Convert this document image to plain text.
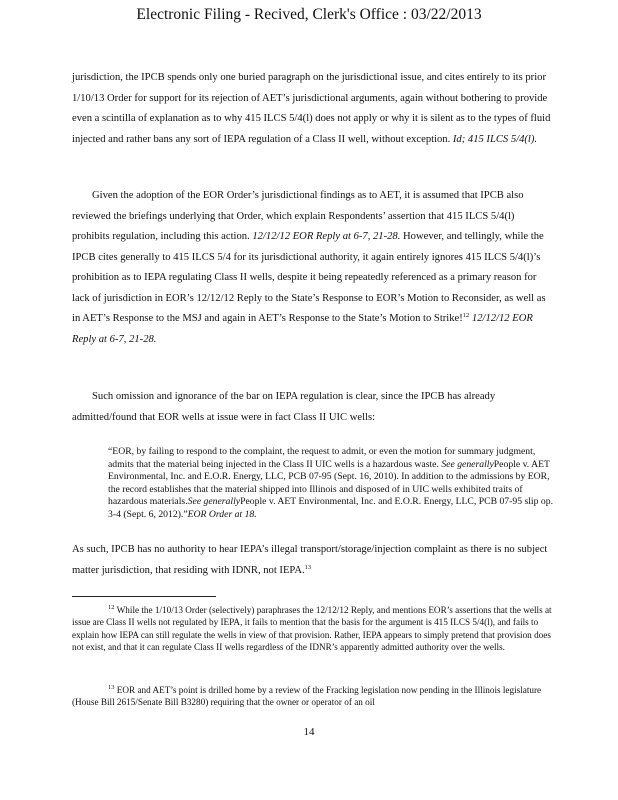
Electronic Filing - Recived, Clerk's Office : 03/22/2013
jurisdiction, the IPCB spends only one buried paragraph on the jurisdictional issue, and cites entirely to its prior 1/10/13 Order for support for its rejection of AET’s jurisdictional arguments, again without bothering to provide even a scintilla of explanation as to why 415 ILCS 5/4(l) does not apply or why it is silent as to the types of fluid injected and rather bans any sort of IEPA regulation of a Class II well, without exception. Id; 415 ILCS 5/4(l).
Given the adoption of the EOR Order’s jurisdictional findings as to AET, it is assumed that IPCB also reviewed the briefings underlying that Order, which explain Respondents’ assertion that 415 ILCS 5/4(l) prohibits regulation, including this action. 12/12/12 EOR Reply at 6-7, 21-28. However, and tellingly, while the IPCB cites generally to 415 ILCS 5/4 for its jurisdictional authority, it again entirely ignores 415 ILCS 5/4(l)’s prohibition as to IEPA regulating Class II wells, despite it being repeatedly referenced as a primary reason for lack of jurisdiction in EOR’s 12/12/12 Reply to the State’s Response to EOR’s Motion to Reconsider, as well as in AET’s Response to the MSJ and again in AET’s Response to the State’s Motion to Strike!$^{12}$ 12/12/12 EOR Reply at 6-7, 21-28.
Such omission and ignorance of the bar on IEPA regulation is clear, since the IPCB has already admitted/found that EOR wells at issue were in fact Class II UIC wells:
“EOR, by failing to respond to the complaint, the request to admit, or even the motion for summary judgment, admits that the material being injected in the Class II UIC wells is a hazardous waste. See generallyPeople v. AET Environmental, Inc. and E.O.R. Energy, LLC, PCB 07-95 (Sept. 16, 2010). In addition to the admissions by EOR, the record establishes that the material shipped into Illinois and disposed of in UIC wells exhibited traits of hazardous materials.See generallyPeople v. AET Environmental, Inc. and E.O.R. Energy, LLC, PCB 07-95 slip op. 3-4 (Sept. 6, 2012).”EOR Order at 18.
As such, IPCB has no authority to hear IEPA’s illegal transport/storage/injection complaint as there is no subject matter jurisdiction, that residing with IDNR, not IEPA.$^{13}$
$^{12}$ While the 1/10/13 Order (selectively) paraphrases the 12/12/12 Reply, and mentions EOR’s assertions that the wells at issue are Class II wells not regulated by IEPA, it fails to mention that the basis for the argument is 415 ILCS 5/4(l), and fails to explain how IEPA can still regulate the wells in view of that provision. Rather, IEPA appears to simply pretend that provision does not exist, and that it can regulate Class II wells regardless of the IDNR’s apparently admitted authority over the wells.
$^{13}$ EOR and AET’s point is drilled home by a review of the Fracking legislation now pending in the Illinois legislature (House Bill 2615/Senate Bill B3280) requiring that the owner or operator of an oil
14
